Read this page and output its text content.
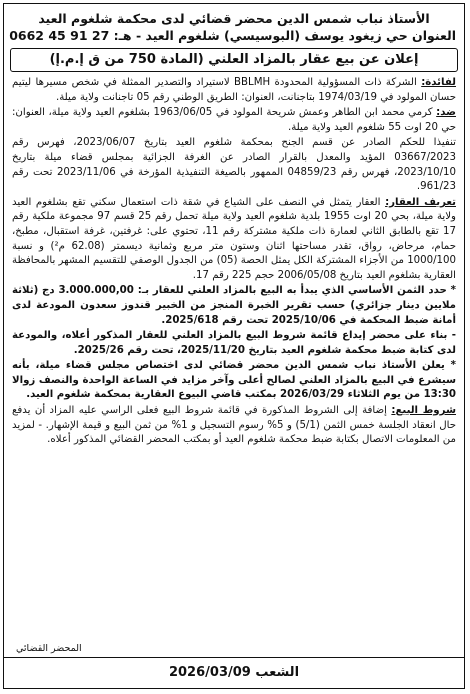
الأستاذ نباب شمس الدين محضر قضائي لدى محكمة شلغوم العيد
العنوان حي زيغود يوسف (البوسيسي) شلغوم العيد - هـ: 27 91 45 0662
إعلان عن بيع عقار بالمزاد العلني (المادة 750 من ق إ.م.إ)

لفائدة: الشركة ذات المسؤولية المحدودة BBLMH لاستيراد والتصدير الممثلة في شخص مسيرها ليتيم حسان المولود في 1974/03/19 بتاجنانت، العنوان: الطريق الوطني رقم 05 تاجنانت ولاية ميلة.

ضد: كرمي محمد ابن الطاهر وعمش شريحة المولود في 1963/06/05 بشلغوم العيد ولاية ميلة، العنوان: حي 20 اوت 55 شلغوم العيد ولاية ميلة.

تنفيذا للحكم الصادر عن قسم الجنح بمحكمة شلغوم العيد بتاريخ 2023/06/07، فهرس رقم 03667/2023 المؤيد والمعدل بالقرار الصادر عن الغرفة الجزائية بمجلس قضاء ميلة بتاريخ 2023/10/10، فهرس رقم 04859/23 الممهور بالصيغة التنفيذية المؤرخة في 2023/11/06 تحت رقم 961/23.

تعريف العقار: العقار يتمثل في النصف على الشياع في شقة ذات استعمال سكني تقع بشلغوم العيد ولاية ميلة، بحي 20 اوت 1955 بلدية شلغوم العيد ولاية ميلة تحمل رقم 25 قسم 97 مجموعة ملكية رقم 17 تقع بالطابق الثاني لعمارة ذات ملكية مشتركة رقم 11، تحتوي على: غرفتين، غرفة استقبال، مطبخ، حمام، مرحاض، رواق، تقدر مساحتها اثنان وستون متر مربع وثمانية ديسمتر (62.08 م²) و نسبة 1000/100 من الأجزاء المشتركة الكل يمثل الحصة (05) من الجدول الوصفي للتقسيم المشهر بالمحافظة العقارية بشلغوم العيد بتاريخ 2006/05/08 حجم 225 رقم 17.

* حدد الثمن الأساسي الذي يبدأ به البيع بالمزاد العلني للعقار بـ: 3.000.000,00 دج (ثلاثة ملايين دينار جزائري) حسب تقرير الخبرة المنجز من الخبير قندوز سعدون المودعة لدى أمانة ضبط المحكمة في 2025/10/06 تحت رقم 2025/618.

- بناء على محضر إيداع قائمة شروط البيع بالمزاد العلني للعقار المذكور أعلاه، والمودعة لدى كتابة ضبط محكمة شلغوم العيد بتاريخ 2025/11/20، تحت رقم 2025/26.

* يعلن الأستاذ نباب شمس الدين محضر قضائي لدى اختصاص مجلس قضاء ميلة، بأنه سيشرع في البيع بالمزاد العلني لصالح أعلى وآخر مزايد في الساعة الواحدة والنصف زوالا 13:30 من يوم الثلاثاء 2026/03/29 بمكتب قاضي البيوع العقارية بمحكمة شلغوم العيد.

شروط البيع: إضافة إلى الشروط المذكورة في قائمة شروط البيع فعلى الراسي عليه المزاد أن يدفع حال انعقاد الجلسة خمس الثمن (5/1) و 5% رسوم التسجيل و 1% من ثمن البيع و قيمة الإشهار. - لمزيد من المعلومات الاتصال بكتابة ضبط محكمة شلغوم العيد أو بمكتب المحضر القضائي المذكور أعلاه.

المحضر القضائي
الشعب 2026/03/09
